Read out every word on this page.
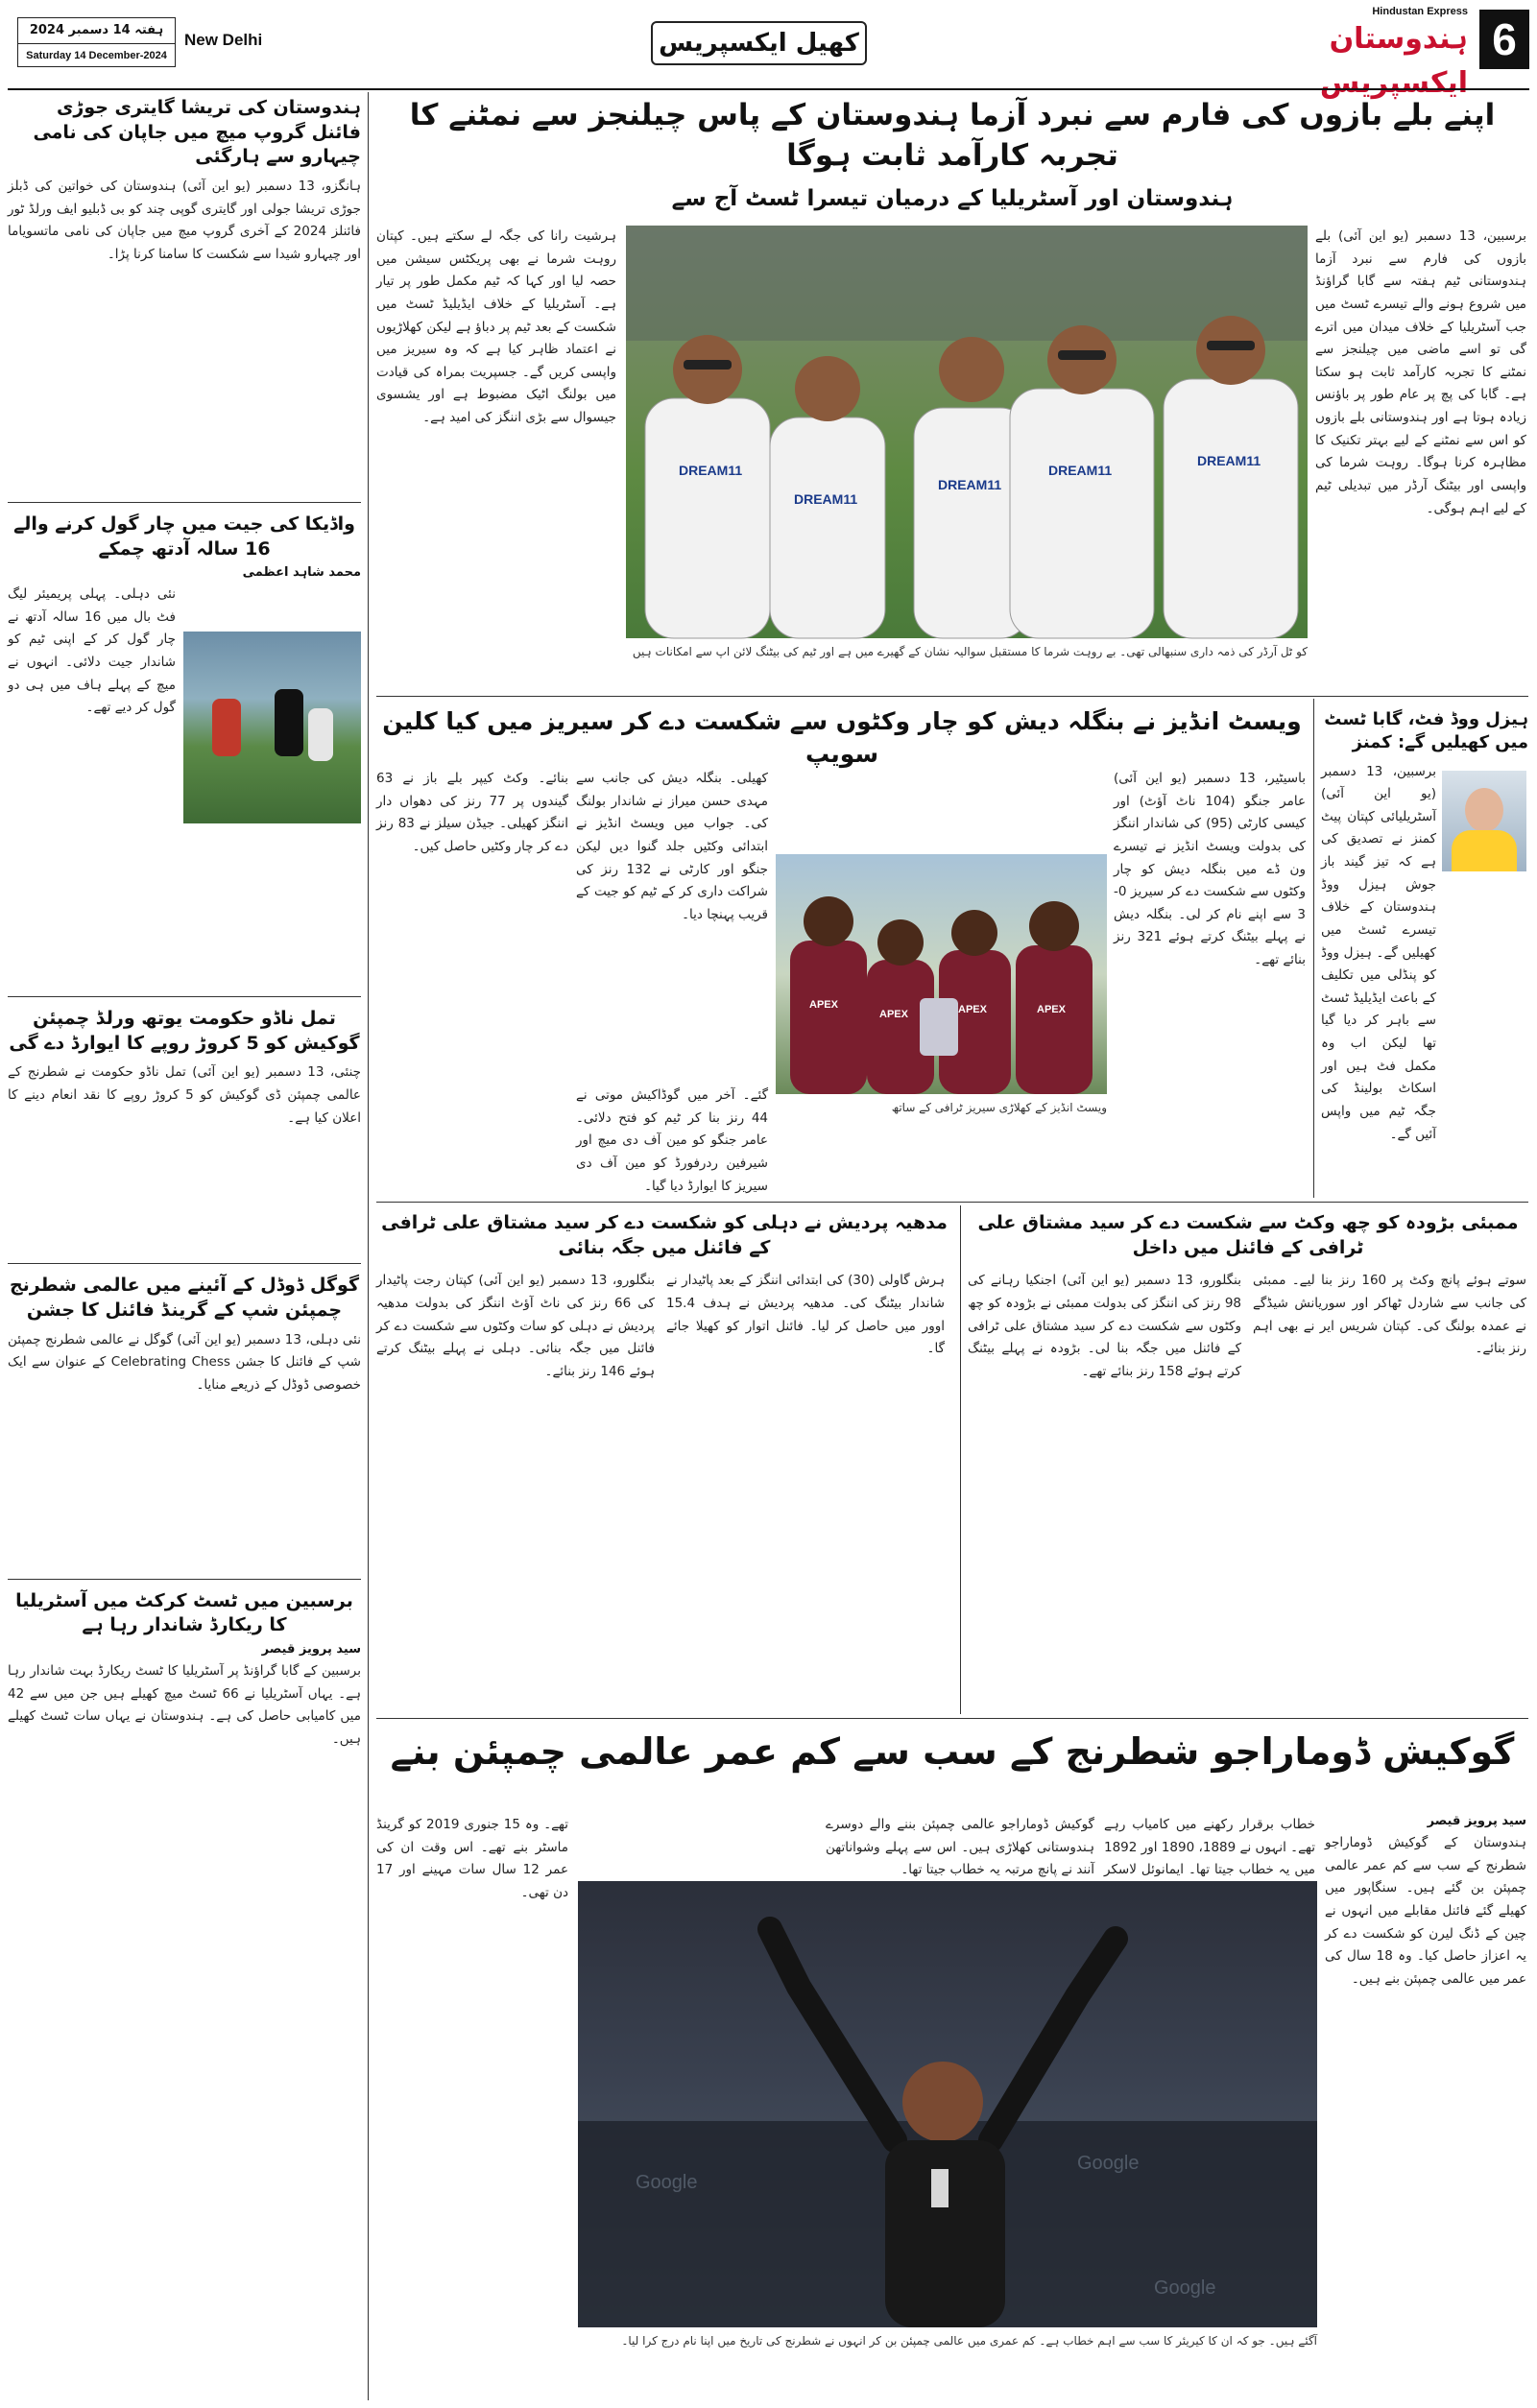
6
Hindustan Express
ہندوستان ایکسپریس
کھیل ایکسپریس
ہفتہ 14 دسمبر 2024
Saturday 14 December-2024
New Delhi
ہندوستان کی تریشا گایتری جوڑی فائنل گروپ میچ میں جاپان کی نامی چیہارو سے ہارگئی
ہانگزو، 13 دسمبر (یو این آئی) ہندوستان کی خواتین کی ڈبلز جوڑی تریشا جولی اور گایتری گوپی چند کو بی ڈبلیو ایف ورلڈ ٹور فائنلز 2024 کے آخری گروپ میچ میں جاپان کی نامی ماتسویاما اور چیہارو شیدا سے شکست کا سامنا کرنا پڑا۔
واڈیکا کی جیت میں چار گول کرنے والے 16 سالہ آدتھ چمکے
محمد شاہد اعظمی
نئی دہلی۔ پہلی پریمیئر لیگ فٹ بال میں 16 سالہ آدتھ نے چار گول کر کے اپنی ٹیم کو شاندار جیت دلائی۔ انہوں نے میچ کے پہلے ہاف میں ہی دو گول کر دیے تھے۔
تمل ناڈو حکومت یوتھ ورلڈ چمپئن گوکیش کو 5 کروڑ روپے کا ایوارڈ دے گی
چنئی، 13 دسمبر (یو این آئی) تمل ناڈو حکومت نے شطرنج کے عالمی چمپئن ڈی گوکیش کو 5 کروڑ روپے کا نقد انعام دینے کا اعلان کیا ہے۔
گوگل ڈوڈل کے آئینے میں عالمی شطرنج چمپئن شپ کے گرینڈ فائنل کا جشن
نئی دہلی، 13 دسمبر (یو این آئی) گوگل نے عالمی شطرنج چمپئن شپ کے فائنل کا جشن Celebrating Chess کے عنوان سے ایک خصوصی ڈوڈل کے ذریعے منایا۔
برسبین میں ٹسٹ کرکٹ میں آسٹریلیا کا ریکارڈ شاندار رہا ہے
سید پرویز قیصر
برسبین کے گابا گراؤنڈ پر آسٹریلیا کا ٹسٹ ریکارڈ بہت شاندار رہا ہے۔ یہاں آسٹریلیا نے 66 ٹسٹ میچ کھیلے ہیں جن میں سے 42 میں کامیابی حاصل کی ہے۔ ہندوستان نے یہاں سات ٹسٹ کھیلے ہیں۔
اپنے بلے بازوں کی فارم سے نبرد آزما ہندوستان کے پاس چیلنجز سے نمٹنے کا تجربہ کارآمد ثابت ہوگا
ہندوستان اور آسٹریلیا کے درمیان تیسرا ٹسٹ آج سے
برسبین، 13 دسمبر (یو این آئی) بلے بازوں کی فارم سے نبرد آزما ہندوستانی ٹیم ہفتہ سے گابا گراؤنڈ میں شروع ہونے والے تیسرے ٹسٹ میں جب آسٹریلیا کے خلاف میدان میں اترے گی تو اسے ماضی میں چیلنجز سے نمٹنے کا تجربہ کارآمد ثابت ہو سکتا ہے۔ گابا کی پچ پر عام طور پر باؤنس زیادہ ہوتا ہے اور ہندوستانی بلے بازوں کو اس سے نمٹنے کے لیے بہتر تکنیک کا مظاہرہ کرنا ہوگا۔ روہت شرما کی واپسی اور بیٹنگ آرڈر میں تبدیلی ٹیم کے لیے اہم ہوگی۔
ہرشیت رانا کی جگہ لے سکتے ہیں۔ کپتان روہت شرما نے بھی پریکٹس سیشن میں حصہ لیا اور کہا کہ ٹیم مکمل طور پر تیار ہے۔ آسٹریلیا کے خلاف ایڈیلیڈ ٹسٹ میں شکست کے بعد ٹیم پر دباؤ ہے لیکن کھلاڑیوں نے اعتماد ظاہر کیا ہے کہ وہ سیریز میں واپسی کریں گے۔ جسپریت بمراہ کی قیادت میں بولنگ اٹیک مضبوط ہے اور یشسوی جیسوال سے بڑی اننگز کی امید ہے۔
DREAM11
DREAM11
DREAM11
DREAM11
DREAM11
کو ٹل آرڈر کی ذمہ داری سنبھالی تھی۔ بے روہت شرما کا مستقبل سوالیہ نشان کے گھیرے میں ہے اور ٹیم کی بیٹنگ لائن اپ سے امکانات ہیں
ہیزل ووڈ فٹ، گابا ٹسٹ میں کھیلیں گے: کمنز
برسبین، 13 دسمبر (یو این آئی) آسٹریلیائی کپتان پیٹ کمنز نے تصدیق کی ہے کہ تیز گیند باز جوش ہیزل ووڈ ہندوستان کے خلاف تیسرے ٹسٹ میں کھیلیں گے۔ ہیزل ووڈ کو پنڈلی میں تکلیف کے باعث ایڈیلیڈ ٹسٹ سے باہر کر دیا گیا تھا لیکن اب وہ مکمل فٹ ہیں اور اسکاٹ بولینڈ کی جگہ ٹیم میں واپس آئیں گے۔
ویسٹ انڈیز نے بنگلہ دیش کو چار وکٹوں سے شکست دے کر سیریز میں کیا کلین سویپ
باسیٹیر، 13 دسمبر (یو این آئی) عامر جنگو (104 ناٹ آؤٹ) اور کیسی کارٹی (95) کی شاندار اننگز کی بدولت ویسٹ انڈیز نے تیسرے ون ڈے میں بنگلہ دیش کو چار وکٹوں سے شکست دے کر سیریز 0-3 سے اپنے نام کر لی۔ بنگلہ دیش نے پہلے بیٹنگ کرتے ہوئے 321 رنز بنائے تھے۔
کھیلی۔ بنگلہ دیش کی جانب سے مہدی حسن میراز نے شاندار بولنگ کی۔ جواب میں ویسٹ انڈیز نے ابتدائی وکٹیں جلد گنوا دیں لیکن جنگو اور کارٹی نے 132 رنز کی شراکت داری کر کے ٹیم کو جیت کے قریب پہنچا دیا۔
بنائے۔ وکٹ کیپر بلے باز نے 63 گیندوں پر 77 رنز کی دھواں دار اننگز کھیلی۔ جیڈن سیلز نے 83 رنز دے کر چار وکٹیں حاصل کیں۔
گئے۔ آخر میں گوڈاکیش موتی نے 44 رنز بنا کر ٹیم کو فتح دلائی۔ عامر جنگو کو مین آف دی میچ اور شیرفین ردرفورڈ کو مین آف دی سیریز کا ایوارڈ دیا گیا۔
APEX
APEX	APEX	APEX
ویسٹ انڈیز کے کھلاڑی سیریز ٹرافی کے ساتھ
ممبئی بڑودہ کو چھ وکٹ سے شکست دے کر سید مشتاق علی ٹرافی کے فائنل میں داخل
بنگلورو، 13 دسمبر (یو این آئی) اجنکیا رہانے کی 98 رنز کی اننگز کی بدولت ممبئی نے بڑودہ کو چھ وکٹوں سے شکست دے کر سید مشتاق علی ٹرافی کے فائنل میں جگہ بنا لی۔ بڑودہ نے پہلے بیٹنگ کرتے ہوئے 158 رنز بنائے تھے۔
سوتے ہوئے پانچ وکٹ پر 160 رنز بنا لیے۔ ممبئی کی جانب سے شاردل ٹھاکر اور سوریانش شیڈگے نے عمدہ بولنگ کی۔ کپتان شریس ایر نے بھی اہم رنز بنائے۔
مدھیہ پردیش نے دہلی کو شکست دے کر سید مشتاق علی ٹرافی کے فائنل میں جگہ بنائی
بنگلورو، 13 دسمبر (یو این آئی) کپتان رجت پاٹیدار کی 66 رنز کی ناٹ آؤٹ اننگز کی بدولت مدھیہ پردیش نے دہلی کو سات وکٹوں سے شکست دے کر فائنل میں جگہ بنائی۔ دہلی نے پہلے بیٹنگ کرتے ہوئے 146 رنز بنائے۔
ہرش گاولی (30) کی ابتدائی اننگز کے بعد پاٹیدار نے شاندار بیٹنگ کی۔ مدھیہ پردیش نے ہدف 15.4 اوور میں حاصل کر لیا۔ فائنل اتوار کو کھیلا جائے گا۔
گوکیش ڈوماراجو شطرنج کے سب سے کم عمر عالمی چمپئن بنے
سید پرویز قیصر
ہندوستان کے گوکیش ڈوماراجو شطرنج کے سب سے کم عمر عالمی چمپئن بن گئے ہیں۔ سنگاپور میں کھیلے گئے فائنل مقابلے میں انہوں نے چین کے ڈنگ لیرن کو شکست دے کر یہ اعزاز حاصل کیا۔ وہ 18 سال کی عمر میں عالمی چمپئن بنے ہیں۔
خطاب برقرار رکھنے میں کامیاب رہے تھے۔ انہوں نے 1889، 1890 اور 1892 میں یہ خطاب جیتا تھا۔ ایمانوئل لاسکر
گوکیش ڈوماراجو عالمی چمپئن بننے والے دوسرے ہندوستانی کھلاڑی ہیں۔ اس سے پہلے وشواناتھن آنند نے پانچ مرتبہ یہ خطاب جیتا تھا۔
تھے۔ وہ 15 جنوری 2019 کو گرینڈ ماسٹر بنے تھے۔ اس وقت ان کی عمر 12 سال سات مہینے اور 17 دن تھی۔
Google
Google
Google
آگئے ہیں۔ جو کہ ان کا کیریئر کا سب سے اہم خطاب ہے۔ کم عمری میں عالمی چمپئن بن کر انہوں نے شطرنج کی تاریخ میں اپنا نام درج کرا لیا۔
